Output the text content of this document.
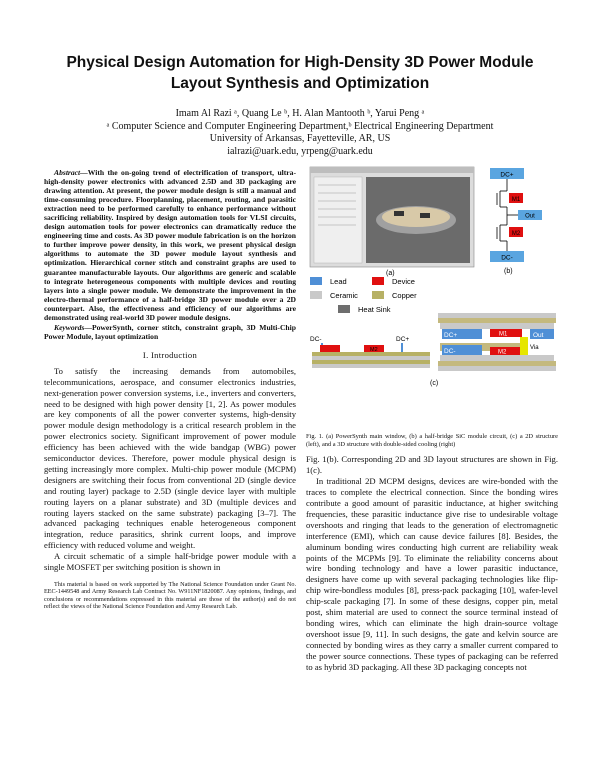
Physical Design Automation for High-Density 3D Power Module
Layout Synthesis and Optimization
Imam Al Razi ᵃ, Quang Le ᵇ, H. Alan Mantooth ᵇ, Yarui Peng ᵃ
ᵃ Computer Science and Computer Engineering Department,ᵇ Electrical Engineering Department
University of Arkansas, Fayetteville, AR, US
ialrazi@uark.edu, yrpeng@uark.edu

Abstract—With the on-going trend of electrification of transport, ultra-high-density power electronics with advanced 2.5D and 3D packaging are drawing attention. At present, the power module design is still a manual and time-consuming procedure. Floorplanning, placement, routing, and parasitic extraction need to be performed carefully to enhance performance without sacrificing reliability. Inspired by design automation tools for VLSI circuits, design automation tools for power electronics can dramatically reduce the engineering time and costs. As 3D power module fabrication is on the horizon to further improve power density, in this work, we present physical design algorithms to automate the 3D power module layout synthesis and optimization. Hierarchical corner stitch and constraint graphs are used to guarantee manufacturable layouts. Our algorithms are generic and scalable to integrate heterogeneous components with multiple devices and routing layers into a single power module. We demonstrate the improvement in the electro-thermal performance of a half-bridge 3D power module over a 2D counterpart. Also, the effectiveness and efficiency of our algorithms are demonstrated using real-world 3D power module designs.

Keywords—PowerSynth, corner stitch, constraint graph, 3D Multi-Chip Power Module, layout optimization

I. Introduction

To satisfy the increasing demands from automobiles, telecommunications, aerospace, and consumer electronics industries, next-generation power conversion systems, i.e., inverters and converters, need to be designed with high power density [1, 2]. As power modules are key components of all the power converter systems, high-density power module design methodology is a critical research problem in the power electronics society. Significant improvement of power module efficiency has been achieved with the wide bandgap (WBG) power semiconductor devices. Therefore, power module physical design is getting increasingly more complex. Multi-chip power module (MCPM) designers are switching their focus from conventional 2D (single device and routing layer) package to 2.5D (single device layer with multiple routing layers on a planar substrate) and 3D (multiple devices and routing layers stacked on the same substrate) packaging [3–7]. The advanced packaging techniques enable heterogeneous component integration, reduce parasitics, shrink current loops, and improve efficiency with reduced volume and weight.

A circuit schematic of a simple half-bridge power module with a single MOSFET per switching position is shown in

This material is based on work supported by The National Science Foundation under Grant No. EEC-1449548 and Army Research Lab Contract No. W911NF1820087. Any opinions, findings, and conclusions or recommendations expressed in this material are those of the author(s) and do not reflect the views of the National Science Foundation and Army Research Lab.

(a)
DC+
M1
Out
M2
DC-
(b)
Lead	Device
Ceramic	Copper
Heat Sink
M2
DC-	DC+
DC+	M1	Out
Via
DC-	M2
(c)

Fig. 1. (a) PowerSynth main window, (b) a half-bridge SiC module circuit, (c) a 2D structure (left), and a 3D structure with double-sided cooling (right)

Fig. 1(b). Corresponding 2D and 3D layout structures are shown in Fig. 1(c).

In traditional 2D MCPM designs, devices are wire-bonded with the traces to complete the electrical connection. Since the bonding wires contribute a good amount of parasitic inductance, at higher switching frequencies, these parasitic inductance give rise to undesirable voltage overshoots and ringing that leads to the generation of electromagnetic interference (EMI), which can cause device failures [8]. Besides, the aluminum bonding wires conducting high current are reliability weak points of the MCPMs [9]. To eliminate the reliability concerns about wire bonding technology and have a lower parasitic inductance, designers have come up with several packaging technologies like flip-chip wire-bondless modules [8], press-pack packaging [10], wafer-level chip-scale packaging [7]. In some of these designs, copper pin, metal post, shim material are used to connect the source terminal instead of bonding wires, which can eliminate the high drain-source voltage overshoot issue [9, 11]. In such designs, the gate and kelvin source are connected by bonding wires as they carry a smaller current compared to the power source connections. These types of packaging can be referred to as hybrid 3D packaging. All these 3D packaging concepts not
